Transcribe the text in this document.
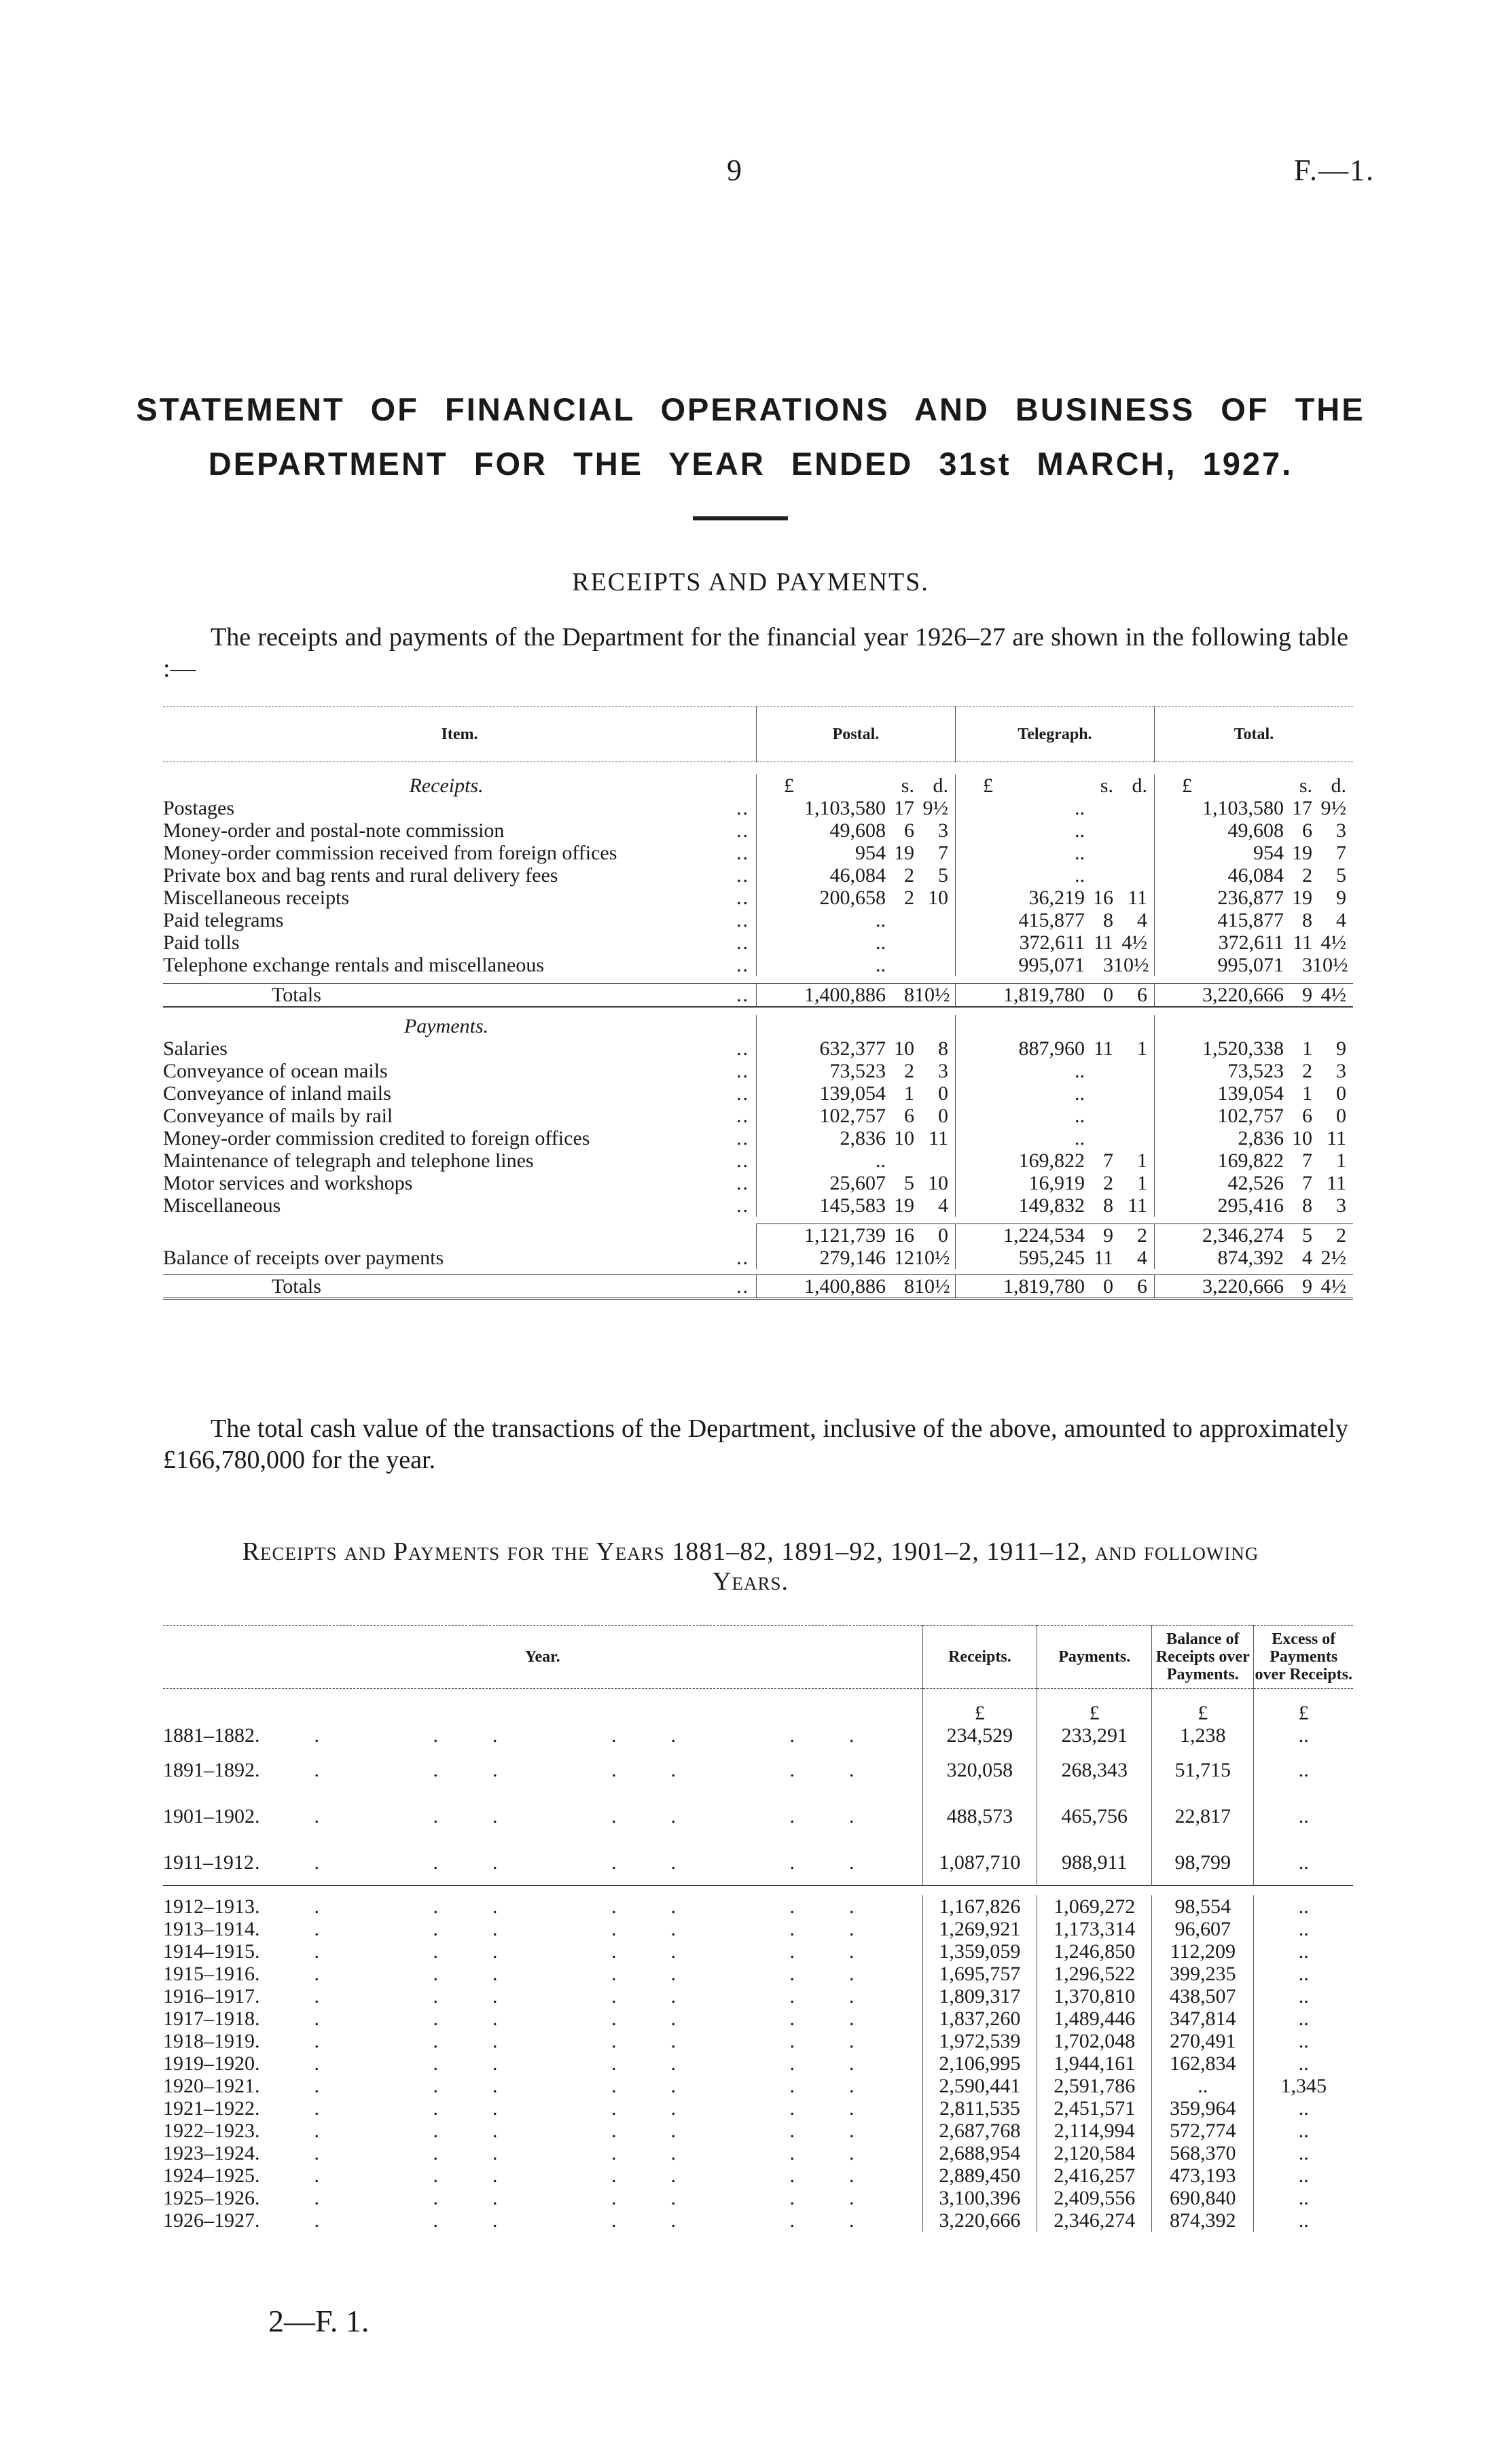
9	F.—1.
STATEMENT OF FINANCIAL OPERATIONS AND BUSINESS OF THE
DEPARTMENT FOR THE YEAR ENDED 31st MARCH, 1927.
RECEIPTS AND PAYMENTS.
The receipts and payments of the Department for the financial year 1926–27 are shown in the following table :—
Item.		Postal.	Telegraph.	Total.

Receipts.		£ s. d.	£ s. d.	£ s. d.

Postages	..	1,103,580 17 9½	..	1,103,580 17 9½

Money-order and postal-note commission	..	49,608 6 3	..	49,608 6 3

Money-order commission received from foreign offices	..	954 19 7	..	954 19 7

Private box and bag rents and rural delivery fees	..	46,084 2 5	..	46,084 2 5

Miscellaneous receipts	..	200,658 2 10	36,219 16 11	236,877 19 9

Paid telegrams	..	..	415,877 8 4	415,877 8 4

Paid tolls	..	..	372,611 11 4½	372,611 11 4½

Telephone exchange rentals and miscellaneous	..	..	995,071 3 10½	995,071 3 10½

Totals	..	1,400,886 8 10½	1,819,780 0 6	3,220,666 9 4½

Payments.				
Salaries	..	632,377 10 8	887,960 11 1	1,520,338 1 9

Conveyance of ocean mails	..	73,523 2 3	..	73,523 2 3

Conveyance of inland mails	..	139,054 1 0	..	139,054 1 0

Conveyance of mails by rail	..	102,757 6 0	..	102,757 6 0

Money-order commission credited to foreign offices	..	2,836 10 11	..	2,836 10 11

Maintenance of telegraph and telephone lines	..	..	169,822 7 1	169,822 7 1

Motor services and workshops	..	25,607 5 10	16,919 2 1	42,526 7 11

Miscellaneous	..	145,583 19 4	149,832 8 11	295,416 8 3

		1,121,739 16 0	1,224,534 9 2	2,346,274 5 2

Balance of receipts over payments	..	279,146 12 10½	595,245 11 4	874,392 4 2½

Totals	..	1,400,886 8 10½	1,819,780 0 6	3,220,666 9 4½
The total cash value of the transactions of the Department, inclusive of the above, amounted to approximately £166,780,000 for the year.
Receipts and Payments for the Years 1881–82, 1891–92, 1901–2, 1911–12, and following
Years.
Year.	Receipts.	Payments.	Balance of Receipts over Payments.	Excess of Payments over Receipts.
	£	£	£	£

1881–1882 .. .. .. ..	234,529	233,291	1,238	..

1891–1892 .. .. .. ..	320,058	268,343	51,715	..

1901–1902 .. .. .. ..	488,573	465,756	22,817	..

1911–1912 .. .. .. ..	1,087,710	988,911	98,799	..

1912–1913 .. .. .. ..	1,167,826	1,069,272	98,554	..

1913–1914 .. .. .. ..	1,269,921	1,173,314	96,607	..

1914–1915 .. .. .. ..	1,359,059	1,246,850	112,209	..

1915–1916 .. .. .. ..	1,695,757	1,296,522	399,235	..

1916–1917 .. .. .. ..	1,809,317	1,370,810	438,507	..

1917–1918 .. .. .. ..	1,837,260	1,489,446	347,814	..

1918–1919 .. .. .. ..	1,972,539	1,702,048	270,491	..

1919–1920 .. .. .. ..	2,106,995	1,944,161	162,834	..

1920–1921 .. .. .. ..	2,590,441	2,591,786	..	1,345

1921–1922 .. .. .. ..	2,811,535	2,451,571	359,964	..

1922–1923 .. .. .. ..	2,687,768	2,114,994	572,774	..

1923–1924 .. .. .. ..	2,688,954	2,120,584	568,370	..

1924–1925 .. .. .. ..	2,889,450	2,416,257	473,193	..

1925–1926 .. .. .. ..	3,100,396	2,409,556	690,840	..

1926–1927 .. .. .. ..	3,220,666	2,346,274	874,392	..
2—F. 1.
